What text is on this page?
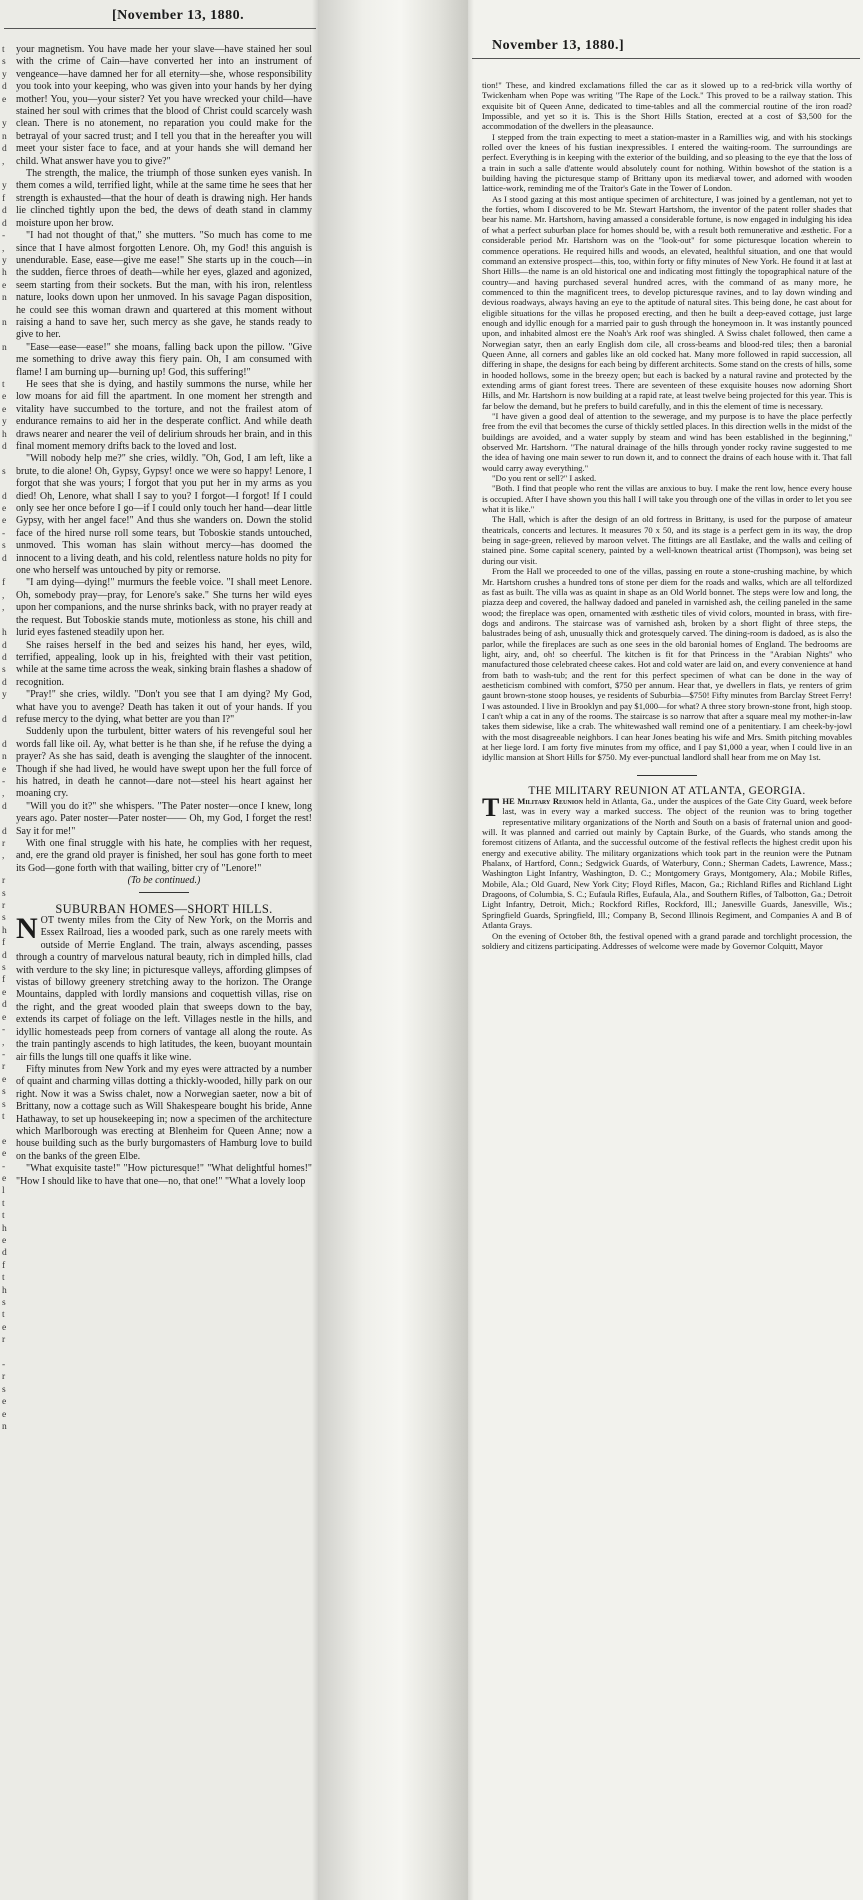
[November 13, 1880.
t
s
y
d
e

y
n
d
,

y
f
d
d
-
,
y
h
e
n

n

n

t
e
e
y
h
d

s

d
e
e
-
s
d

f
,
,

h
d
d
s
d
y

d

d
n
e
-
,
d

d
r
,

r
s
r
s
h
f
d
s
f
e
d
e
-
,
-
r
e
s
s
t

e
e
-
e
l
t
t
h
e
d
f
t
h
s
t
e
r

-
r
s
e
e
n

your magnetism. You have made her your slave—have stained her soul with the crime of Cain—have converted her into an instrument of vengeance—have damned her for all eternity—she, whose responsibility you took into your keeping, who was given into your hands by her dying mother! You, you—your sister? Yet you have wrecked your child—have stained her soul with crimes that the blood of Christ could scarcely wash clean. There is no atonement, no reparation you could make for the betrayal of your sacred trust; and I tell you that in the hereafter you will meet your sister face to face, and at your hands she will demand her child. What answer have you to give?"

The strength, the malice, the triumph of those sunken eyes vanish. In them comes a wild, terrified light, while at the same time he sees that her strength is exhausted—that the hour of death is drawing nigh. Her hands lie clinched tightly upon the bed, the dews of death stand in clammy moisture upon her brow.

"I had not thought of that," she mutters. "So much has come to me since that I have almost forgotten Lenore. Oh, my God! this anguish is unendurable. Ease, ease—give me ease!" She starts up in the couch—in the sudden, fierce throes of death—while her eyes, glazed and agonized, seem starting from their sockets. But the man, with his iron, relentless nature, looks down upon her unmoved. In his savage Pagan disposition, he could see this woman drawn and quartered at this moment without raising a hand to save her, such mercy as she gave, he stands ready to give to her.

"Ease—ease—ease!" she moans, falling back upon the pillow. "Give me something to drive away this fiery pain. Oh, I am consumed with flame! I am burning up—burning up! God, this suffering!"

He sees that she is dying, and hastily summons the nurse, while her low moans for aid fill the apartment. In one moment her strength and vitality have succumbed to the torture, and not the frailest atom of endurance remains to aid her in the desperate conflict. And while death draws nearer and nearer the veil of delirium shrouds her brain, and in this final moment memory drifts back to the loved and lost.

"Will nobody help me?" she cries, wildly. "Oh, God, I am left, like a brute, to die alone! Oh, Gypsy, Gypsy! once we were so happy! Lenore, I forgot that she was yours; I forgot that you put her in my arms as you died! Oh, Lenore, what shall I say to you? I forgot—I forgot! If I could only see her once before I go—if I could only touch her hand—dear little Gypsy, with her angel face!" And thus she wanders on. Down the stolid face of the hired nurse roll some tears, but Toboskie stands untouched, unmoved. This woman has slain without mercy—has doomed the innocent to a living death, and his cold, relentless nature holds no pity for one who herself was untouched by pity or remorse.

"I am dying—dying!" murmurs the feeble voice. "I shall meet Lenore. Oh, somebody pray—pray, for Lenore's sake." She turns her wild eyes upon her companions, and the nurse shrinks back, with no prayer ready at the request. But Toboskie stands mute, motionless as stone, his chill and lurid eyes fastened steadily upon her.

She raises herself in the bed and seizes his hand, her eyes, wild, terrified, appealing, look up in his, freighted with their vast petition, while at the same time across the weak, sinking brain flashes a shadow of recognition.

"Pray!" she cries, wildly. "Don't you see that I am dying? My God, what have you to avenge? Death has taken it out of your hands. If you refuse mercy to the dying, what better are you than I?"

Suddenly upon the turbulent, bitter waters of his revengeful soul her words fall like oil. Ay, what better is he than she, if he refuse the dying a prayer? As she has said, death is avenging the slaughter of the innocent. Though if she had lived, he would have swept upon her the full force of his hatred, in death he cannot—dare not—steel his heart against her moaning cry.

"Will you do it?" she whispers. "The Pater noster—once I knew, long years ago. Pater noster—Pater noster—— Oh, my God, I forget the rest! Say it for me!"

With one final struggle with his hate, he complies with her request, and, ere the grand old prayer is finished, her soul has gone forth to meet its God—gone forth with that wailing, bitter cry of "Lenore!"

(To be continued.)

SUBURBAN HOMES—SHORT HILLS.

NOT twenty miles from the City of New York, on the Morris and Essex Railroad, lies a wooded park, such as one rarely meets with outside of Merrie England. The train, always ascending, passes through a country of marvelous natural beauty, rich in dimpled hills, clad with verdure to the sky line; in picturesque valleys, affording glimpses of vistas of billowy greenery stretching away to the horizon. The Orange Mountains, dappled with lordly mansions and coquettish villas, rise on the right, and the great wooded plain that sweeps down to the bay, extends its carpet of foliage on the left. Villages nestle in the hills, and idyllic homesteads peep from corners of vantage all along the route. As the train pantingly ascends to high latitudes, the keen, buoyant mountain air fills the lungs till one quaffs it like wine.

Fifty minutes from New York and my eyes were attracted by a number of quaint and charming villas dotting a thickly-wooded, hilly park on our right. Now it was a Swiss chalet, now a Norwegian saeter, now a bit of Brittany, now a cottage such as Will Shakespeare bought his bride, Anne Hathaway, to set up housekeeping in; now a specimen of the architecture which Marlborough was erecting at Blenheim for Queen Anne; now a house building such as the burly burgomasters of Hamburg love to build on the banks of the green Elbe.

"What exquisite taste!" "How picturesque!" "What delightful homes!" "How I should like to have that one—no, that one!" "What a lovely loop

November 13, 1880.]

tion!" These, and kindred exclamations filled the car as it slowed up to a red-brick villa worthy of Twickenham when Pope was writing "The Rape of the Lock." This proved to be a railway station. This exquisite bit of Queen Anne, dedicated to time-tables and all the commercial routine of the iron road? Impossible, and yet so it is. This is the Short Hills Station, erected at a cost of $3,500 for the accommodation of the dwellers in the pleasaunce.

I stepped from the train expecting to meet a station-master in a Ramillies wig, and with his stockings rolled over the knees of his fustian inexpressibles. I entered the waiting-room. The surroundings are perfect. Everything is in keeping with the exterior of the building, and so pleasing to the eye that the loss of a train in such a salle d'attente would absolutely count for nothing. Within bowshot of the station is a building having the picturesque stamp of Brittany upon its mediæval tower, and adorned with wooden lattice-work, reminding me of the Traitor's Gate in the Tower of London.

As I stood gazing at this most antique specimen of architecture, I was joined by a gentleman, not yet to the forties, whom I discovered to be Mr. Stewart Hartshorn, the inventor of the patent roller shades that bear his name. Mr. Hartshorn, having amassed a considerable fortune, is now engaged in indulging his idea of what a perfect suburban place for homes should be, with a result both remunerative and æsthetic. For a considerable period Mr. Hartshorn was on the "look-out" for some picturesque location wherein to commence operations. He required hills and woods, an elevated, healthful situation, and one that would command an extensive prospect—this, too, within forty or fifty minutes of New York. He found it at last at Short Hills—the name is an old historical one and indicating most fittingly the topographical nature of the country—and having purchased several hundred acres, with the command of as many more, he commenced to thin the magnificent trees, to develop picturesque ravines, and to lay down winding and devious roadways, always having an eye to the aptitude of natural sites. This being done, he cast about for eligible situations for the villas he proposed erecting, and then he built a deep-eaved cottage, just large enough and idyllic enough for a married pair to gush through the honeymoon in. It was instantly pounced upon, and inhabited almost ere the Noah's Ark roof was shingled. A Swiss chalet followed, then came a Norwegian satyr, then an early English dom cile, all cross-beams and blood-red tiles; then a baronial Queen Anne, all corners and gables like an old cocked hat. Many more followed in rapid succession, all differing in shape, the designs for each being by different architects. Some stand on the crests of hills, some in hooded hollows, some in the breezy open; but each is backed by a natural ravine and protected by the extending arms of giant forest trees. There are seventeen of these exquisite houses now adorning Short Hills, and Mr. Hartshorn is now building at a rapid rate, at least twelve being projected for this year. This is far below the demand, but he prefers to build carefully, and in this the element of time is necessary.

"I have given a good deal of attention to the sewerage, and my purpose is to have the place perfectly free from the evil that becomes the curse of thickly settled places. In this direction wells in the midst of the buildings are avoided, and a water supply by steam and wind has been established in the beginning," observed Mr. Hartshorn. "The natural drainage of the hills through yonder rocky ravine suggested to me the idea of having one main sewer to run down it, and to connect the drains of each house with it. That fall would carry away everything."

"Do you rent or sell?" I asked.

"Both. I find that people who rent the villas are anxious to buy. I make the rent low, hence every house is occupied. After I have shown you this hall I will take you through one of the villas in order to let you see what it is like."

The Hall, which is after the design of an old fortress in Brittany, is used for the purpose of amateur theatricals, concerts and lectures. It measures 70 x 50, and its stage is a perfect gem in its way, the drop being in sage-green, relieved by maroon velvet. The fittings are all Eastlake, and the walls and ceiling of stained pine. Some capital scenery, painted by a well-known theatrical artist (Thompson), was being set during our visit.

From the Hall we proceeded to one of the villas, passing en route a stone-crushing machine, by which Mr. Hartshorn crushes a hundred tons of stone per diem for the roads and walks, which are all telfordized as fast as built. The villa was as quaint in shape as an Old World bonnet. The steps were low and long, the piazza deep and covered, the hallway dadoed and paneled in varnished ash, the ceiling paneled in the same wood; the fireplace was open, ornamented with æsthetic tiles of vivid colors, mounted in brass, with fire-dogs and andirons. The staircase was of varnished ash, broken by a short flight of three steps, the balustrades being of ash, unusually thick and grotesquely carved. The dining-room is dadoed, as is also the parlor, while the fireplaces are such as one sees in the old baronial homes of England. The bedrooms are light, airy, and, oh! so cheerful. The kitchen is fit for that Princess in the "Arabian Nights" who manufactured those celebrated cheese cakes. Hot and cold water are laid on, and every convenience at hand from bath to wash-tub; and the rent for this perfect specimen of what can be done in the way of aestheticism combined with comfort, $750 per annum. Hear that, ye dwellers in flats, ye renters of grim gaunt brown-stone stoop houses, ye residents of Suburbia—$750! Fifty minutes from Barclay Street Ferry! I was astounded. I live in Brooklyn and pay $1,000—for what? A three story brown-stone front, high stoop. I can't whip a cat in any of the rooms. The staircase is so narrow that after a square meal my mother-in-law takes them sidewise, like a crab. The whitewashed wall remind one of a penitentiary. I am cheek-by-jowl with the most disagreeable neighbors. I can hear Jones beating his wife and Mrs. Smith pitching movables at her liege lord. I am forty five minutes from my office, and I pay $1,000 a year, when I could live in an idyllic mansion at Short Hills for $750. My ever-punctual landlord shall hear from me on May 1st.

THE MILITARY REUNION AT ATLANTA, GEORGIA.

THE Military Reunion held in Atlanta, Ga., under the auspices of the Gate City Guard, week before last, was in every way a marked success. The object of the reunion was to bring together representative military organizations of the North and South on a basis of fraternal union and good-will. It was planned and carried out mainly by Captain Burke, of the Guards, who stands among the foremost citizens of Atlanta, and the successful outcome of the festival reflects the highest credit upon his energy and executive ability. The military organizations which took part in the reunion were the Putnam Phalanx, of Hartford, Conn.; Sedgwick Guards, of Waterbury, Conn.; Sherman Cadets, Lawrence, Mass.; Washington Light Infantry, Washington, D. C.; Montgomery Grays, Montgomery, Ala.; Mobile Rifles, Mobile, Ala.; Old Guard, New York City; Floyd Rifles, Macon, Ga.; Richland Rifles and Richland Light Dragoons, of Columbia, S. C.; Eufaula Rifles, Eufaula, Ala., and Southern Rifles, of Talbotton, Ga.; Detroit Light Infantry, Detroit, Mich.; Rockford Rifles, Rockford, Ill.; Janesville Guards, Janesville, Wis.; Springfield Guards, Springfield, Ill.; Company B, Second Illinois Regiment, and Companies A and B of Atlanta Grays.

On the evening of October 8th, the festival opened with a grand parade and torchlight procession, the soldiery and citizens participating. Addresses of welcome were made by Governor Colquitt, Mayor
